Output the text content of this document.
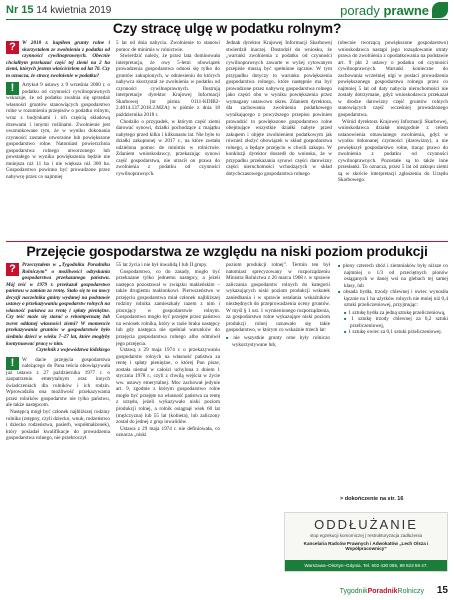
Nr 15 14 kwietnia 2019	porady
prawne
Czy stracę ulgę w podatku rolnym?
?	W 2018 r. kupiłem grunty rolne i skorzystałem ze zwolnienia z podatku od czynności cywilnoprawnych. Obecnie chciałbym przekazać część tej ziemi na 2 ha ziemi, których jestem właścicielem od lat 70. Czy to oznacza, że stracę zwolnienie w podatku?

!	Artykuł 9 ustawy z 9 września 2000 r. o podatku od czynności cywilnoprawnych wskazuje, że od podatku zwalnia się sprzedaż własności gruntów stanowiących gospodarstwo rolne w rozumieniu przepisów o podatku rolnym, wraz z budynkami i ich częścią składową drzewami i innymi roślinami. Zwolnienie jest uwarunkowane tym, że w wyniku dokonania czynności zostanie utworzone lub powiększone gospodarstwo rolne. Natomiast powierzchnia gospodarstwa rolnego utworzonego lub powstałego w wyniku powiększenia będzie nie mniejsza niż 11 ha i nie większa niż 300 ha. Gospodarstwo powinno być prowadzone przez nabywcę przez co najmniej

5 lat od dnia nabycia. Zwolnienie to stanowi pomoc de minimis w rolnictwie.

Stwierdzić należy, że przez lata dominowała interpretacja, że owy 5-letni obowiązek prowadzenia gospodarstwa odnosi się tylko do gruntów zakupionych, w odniesieniu do których nabywca skorzystał ze zwolnienia w podatku od czynności cywilnoprawnych. Ilustrują interpretacje dyrektor Krajowej Informacji Skarbowej (nr pisma 0111-KDIB2-2.4014.137.2018.2.MZA) w piśmie z dnia 18 października 2018 r.

Chodziło o przypadek, w którym część ziemi darować synowi, działki pochodzące z majątku nabytego przed kilku i kilkunastu lat. Nie było to działki zakupionej w 2017 r., na które została udzielona pomoc de minimis w rolnictwie. Zdaniem wnioskodawcy, przekazując synowi część gospodarstwa, nie utracił on prawa do zwolnienia z podatku od czynności cywilnoprawnych.

Jednak dyrektor Krajowej Informacji Skarbowej stwierdził inaczej. Dostodził do wniosku, że „warunki zwolnienia z podatku od czynności cywilnoprawnych zawarte w wyżej cytowanym przepisie muszą być spełnione łącznie. W tym przypadku dotyczy to warunku powiększenia gospodarstwa rolnego, które następnie ma być prowadzone przez nabywcę gospodarstwa rolnego jako części obu w wyniku powiększenia przez wymagany ustawowo okres. Zdaniem dyrektora, dla zachowania zwolnienia podatkowego wynikającego z powyższego przepisu powinien prowadzić to powiększone gospodarstwo rolne obejmujące wszystkie działki nabyte przed zakupem i objęte zwolnieniem podatkowym jak również złożyć obowiązek w skład gospodarstwa rolnego, a będące przejęciu w chwili zakupu. W konkluzji dyrektor doszedł do wniosku, że w przypadku przekazania synowi części darowizny części nieruchomości wchodzących w skład dotychczasowego gospodarstwa rolnego

(obecnie tworzącą powiększone gospodarstwo) wnioskodawca nastąpi jego rozsądowanie utraty prawa do zwolnienia z opodatkowania na podstawie art. 9 pkt 2 ustawy o podatku od czynności cywilnoprawnych. Warunki konieczne do zachowania wcześniej ulgi w postaci prowadzenia powiększonego gospodarstwa rolnego przez co najmniej 5 lat od daty nabycia nieruchomości nie zostały dotrzymane, gdyż wnioskodawca przekazał w drodze darowizny część gruntów rolnych stanowiących część wcześniej prowadzonego gospodarstwa.

Wśród dyrektora Krajowej Informacji Skarbowej, wnioskodawca działał niezgodnie z celem ustanowienia omawianego zwolnienia, gdyż w wyniku dokonanej czynności (darowizny), a nie powiększył gospodarstwo rolne, tracąc prawo do zwolnienia z podatku od czynności cywilnoprawnych. Pozostałe są to także inne przesłanki. To oznacza, przez 5 lat od zakupu ziemi są w skrócie interpretacji zgłoszenia do Urzędu Skarbowego.

Przejęcie gospodarstwa ze względu na niski poziom produkcji
?	Przeczytałem w „Tygodniku Poradniku Rolniczym” o możliwości odzyskania gospodarstwa przekazanego państwu. Mój teść w 1979 r. przekazał gospodarstwo państwu w zamian za rentę. Stało się to na mocy decyzji naczelnika gminy wydanej na podstawie ustawy o przekazywaniu gospodarstw rolnych na własność państwa za rentę i spłaty pieniężne. Czy teść może się starać o rekompensatę lub zwrot oddanej własności ziemi? W momencie przekazywania gruntów w gospodarstwie było siedmiu dzieci w wieku 7–27 lat, które mogłyby kontynuować pracę w nim.

Czytelnik z województwa łódzkiego

!	W dacie przejęcia gospodarstwa należącego do Pana teścia obowiązywała już ustawa z 27 października 1977 r. o zaopatrzeniu emerytalnym oraz innych świadczeniach dla rolników i ich rodzin. Wprowadziła ona możliwość przekazywania przez rolników gospodarstw nie tylko państwu, ale także następcom.

Następcą mógł być członek najbliższej rodziny rolnika (zstępny, czyli dziecko, wnuk, rodzeństwo i dziecko rodzeństwa, pasierb, współmałżonek), który posiadał kwalifikacje do prowadzenia gospodarstwa rolnego, nie przekroczył

55 lat życia i nie był inwalidą I lub II grupy.

Gospodarstwo, co do zasady, mogło być przekazane tylko jednemu następcy, a jeżeli następca pozostawał w związku małżeńskim – także drugiemu małżonkowi. Pierwszeństwo w przejęciu gospodarstwa miał członek najbliższej rodziny rolnika zamieszkały razem z nim i pracujący w gospodarstwie rolnym. Gospodarstwo mogło być przejęte przez państwo na wniosek rolnika, który w razie braku następcy lub gdy następca nie spełniał warunków do przejęcia gospodarstwa rolnego albo odmówił jego przejęcia.

Ustawą z 29 maja 1974 r. o przekazywaniu gospodarstw rolnych na własność państwa za rentę i spłaty pieniężne, o której Pan pisze, została niemal w całości uchylona z dniem 1 stycznia 1978 r., czyli z chwilą wejścia w życie ww. ustawy emerytalnej. Moc zachował jedynie art. 9, zgodnie z którym gospodarstwo rolne mogło być przejęte na własność państwa za rentę z urzędu, jeżeli wykazywało niski poziom produkcji rolnej, a rolnik osiągnął wiek 60 lat (mężczyzna) lub 55 lat (kobieta), lub zaliczony został do jednej z grup inwalidów.

Ustawa z 29 maja 1974 r. nie definiowała, co oznacza „niski

poziom produkcji rolnej”. Termin ten był natomiast sprecyzowany w rozporządzeniu Ministra Rolnictwa z 26 marca 1968 r. w sprawie zaliczania gospodarstw rolnych do kategorii wykazujących niski poziom produkcji wskutek zaniedbania i w sprawie ustalania wskaźników niezbędnych do przeprowadzenia oceny gruntów. W myśl § 1 ust. 1 wymienionego rozporządzenia, za gospodarstwo rolne wykazujące niski poziom produkcji rolnej uznawało się takie gospodarstwo, w którym co wskaźnie trzech lat:

■ nie wszystkie grunty orne były rolniczo wykorzystywane lub,
■ plony czterech zbóż i ziemniaków były niższe co najmniej o 1/3 od przeciętnych plonów osiąganych w danej wsi na glebach tej samej klasy, lub
■ obsada bydła, trzody chlewnej i owiec wynosiła łącznie na 1 ha użytków rolnych nie mniej niż 0,4 sztuki przeliczeniowej, przyjmując:
■ 1 sztukę bydła za jedną sztukę przeliczeniową,
■ 1 sztukę trzody chlewnej za 0,2 sztuki przeliczeniowej,
■ 1 sztukę owiec za 0,1 sztuki przeliczeniowej.
> dokończenie na str. 16
ODDŁUŻANIE
stop egzekucji komorniczej | restrukturyzacja zadłużenia
Kancelaria Radców Prawnych i Adwokatów „Lech Olsza i Współpracownicy”
Warszawa–Olsztyn–Gdynia. Tel. 602 430 055, 89 523 59 47.
TygodnikPoradnikRolniczy 15
